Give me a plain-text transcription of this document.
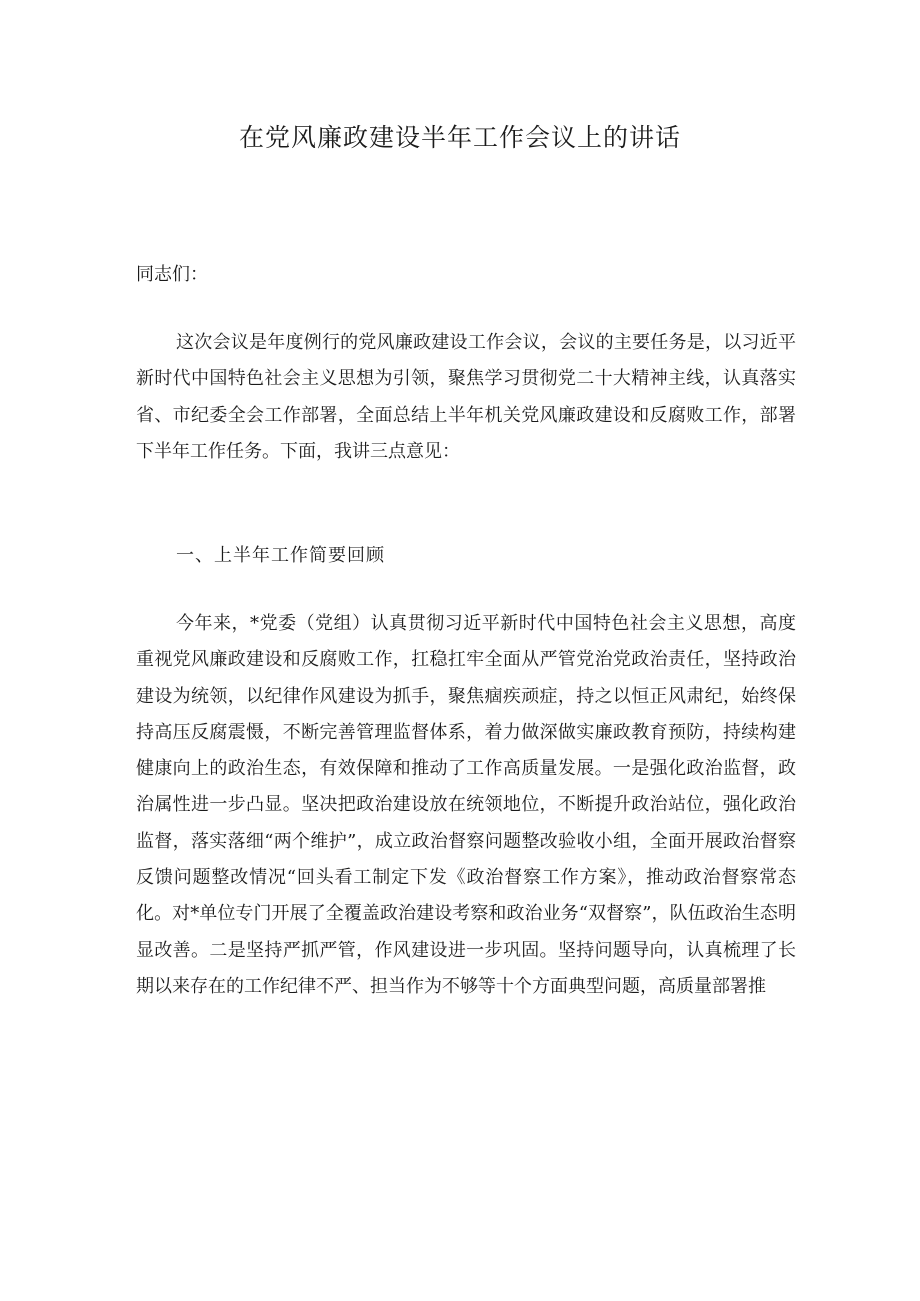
在党风廉政建设半年工作会议上的讲话

同志们：

这次会议是年度例行的党风廉政建设工作会议，会议的主要任务是，以习近平新时代中国特色社会主义思想为引领，聚焦学习贯彻党二十大精神主线，认真落实省、市纪委全会工作部署，全面总结上半年机关党风廉政建设和反腐败工作，部署下半年工作任务。下面，我讲三点意见：

一、上半年工作简要回顾

今年来，*党委（党组）认真贯彻习近平新时代中国特色社会主义思想，高度重视党风廉政建设和反腐败工作，扛稳扛牢全面从严管党治党政治责任，坚持政治建设为统领，以纪律作风建设为抓手，聚焦痼疾顽症，持之以恒正风肃纪，始终保持高压反腐震慑，不断完善管理监督体系，着力做深做实廉政教育预防，持续构建健康向上的政治生态，有效保障和推动了工作高质量发展。一是强化政治监督，政治属性进一步凸显。坚决把政治建设放在统领地位，不断提升政治站位，强化政治监督，落实落细“两个维护”，成立政治督察问题整改验收小组，全面开展政治督察反馈问题整改情况“回头看工制定下发《政治督察工作方案》，推动政治督察常态化。对*单位专门开展了全覆盖政治建设考察和政治业务“双督察”，队伍政治生态明显改善。二是坚持严抓严管，作风建设进一步巩固。坚持问题导向，认真梳理了长期以来存在的工作纪律不严、担当作为不够等十个方面典型问题，高质量部署推
